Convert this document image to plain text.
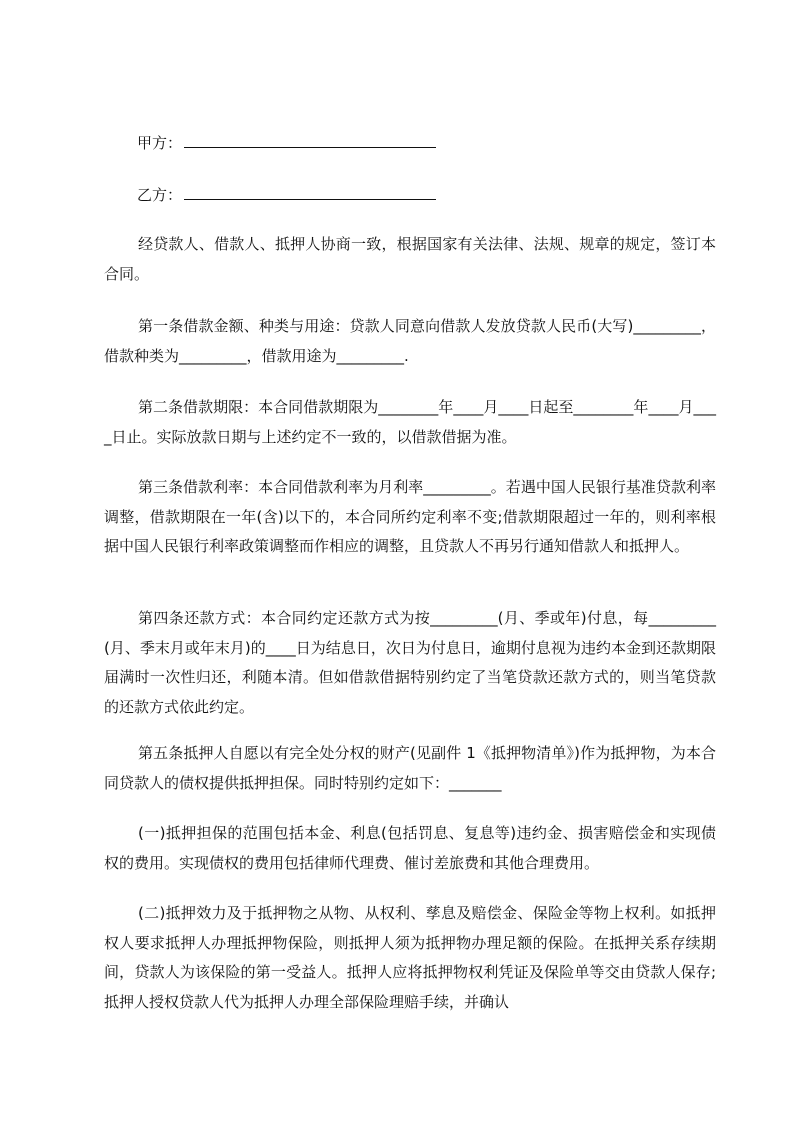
甲方：
乙方：

经贷款人、借款人、抵押人协商一致，根据国家有关法律、法规、规章的规定，签订本合同。

第一条借款金额、种类与用途：贷款人同意向借款人发放贷款人民币(大写)_________，借款种类为_________，借款用途为_________.

第二条借款期限：本合同借款期限为________年____月____日起至________年____月____日止。实际放款日期与上述约定不一致的，以借款借据为准。

第三条借款利率：本合同借款利率为月利率_________。若遇中国人民银行基准贷款利率调整，借款期限在一年(含)以下的，本合同所约定利率不变;借款期限超过一年的，则利率根据中国人民银行利率政策调整而作相应的调整，且贷款人不再另行通知借款人和抵押人。

第四条还款方式：本合同约定还款方式为按_________(月、季或年)付息，每_________(月、季末月或年末月)的____日为结息日，次日为付息日，逾期付息视为违约本金到还款期限届满时一次性归还，利随本清。但如借款借据特别约定了当笔贷款还款方式的，则当笔贷款的还款方式依此约定。

第五条抵押人自愿以有完全处分权的财产(见副件 1《抵押物清单》)作为抵押物，为本合同贷款人的债权提供抵押担保。同时特别约定如下：_______

(一)抵押担保的范围包括本金、利息(包括罚息、复息等)违约金、损害赔偿金和实现债权的费用。实现债权的费用包括律师代理费、催讨差旅费和其他合理费用。

(二)抵押效力及于抵押物之从物、从权利、孳息及赔偿金、保险金等物上权利。如抵押权人要求抵押人办理抵押物保险，则抵押人须为抵押物办理足额的保险。在抵押关系存续期间，贷款人为该保险的第一受益人。抵押人应将抵押物权利凭证及保险单等交由贷款人保存;抵押人授权贷款人代为抵押人办理全部保险理赔手续，并确认
